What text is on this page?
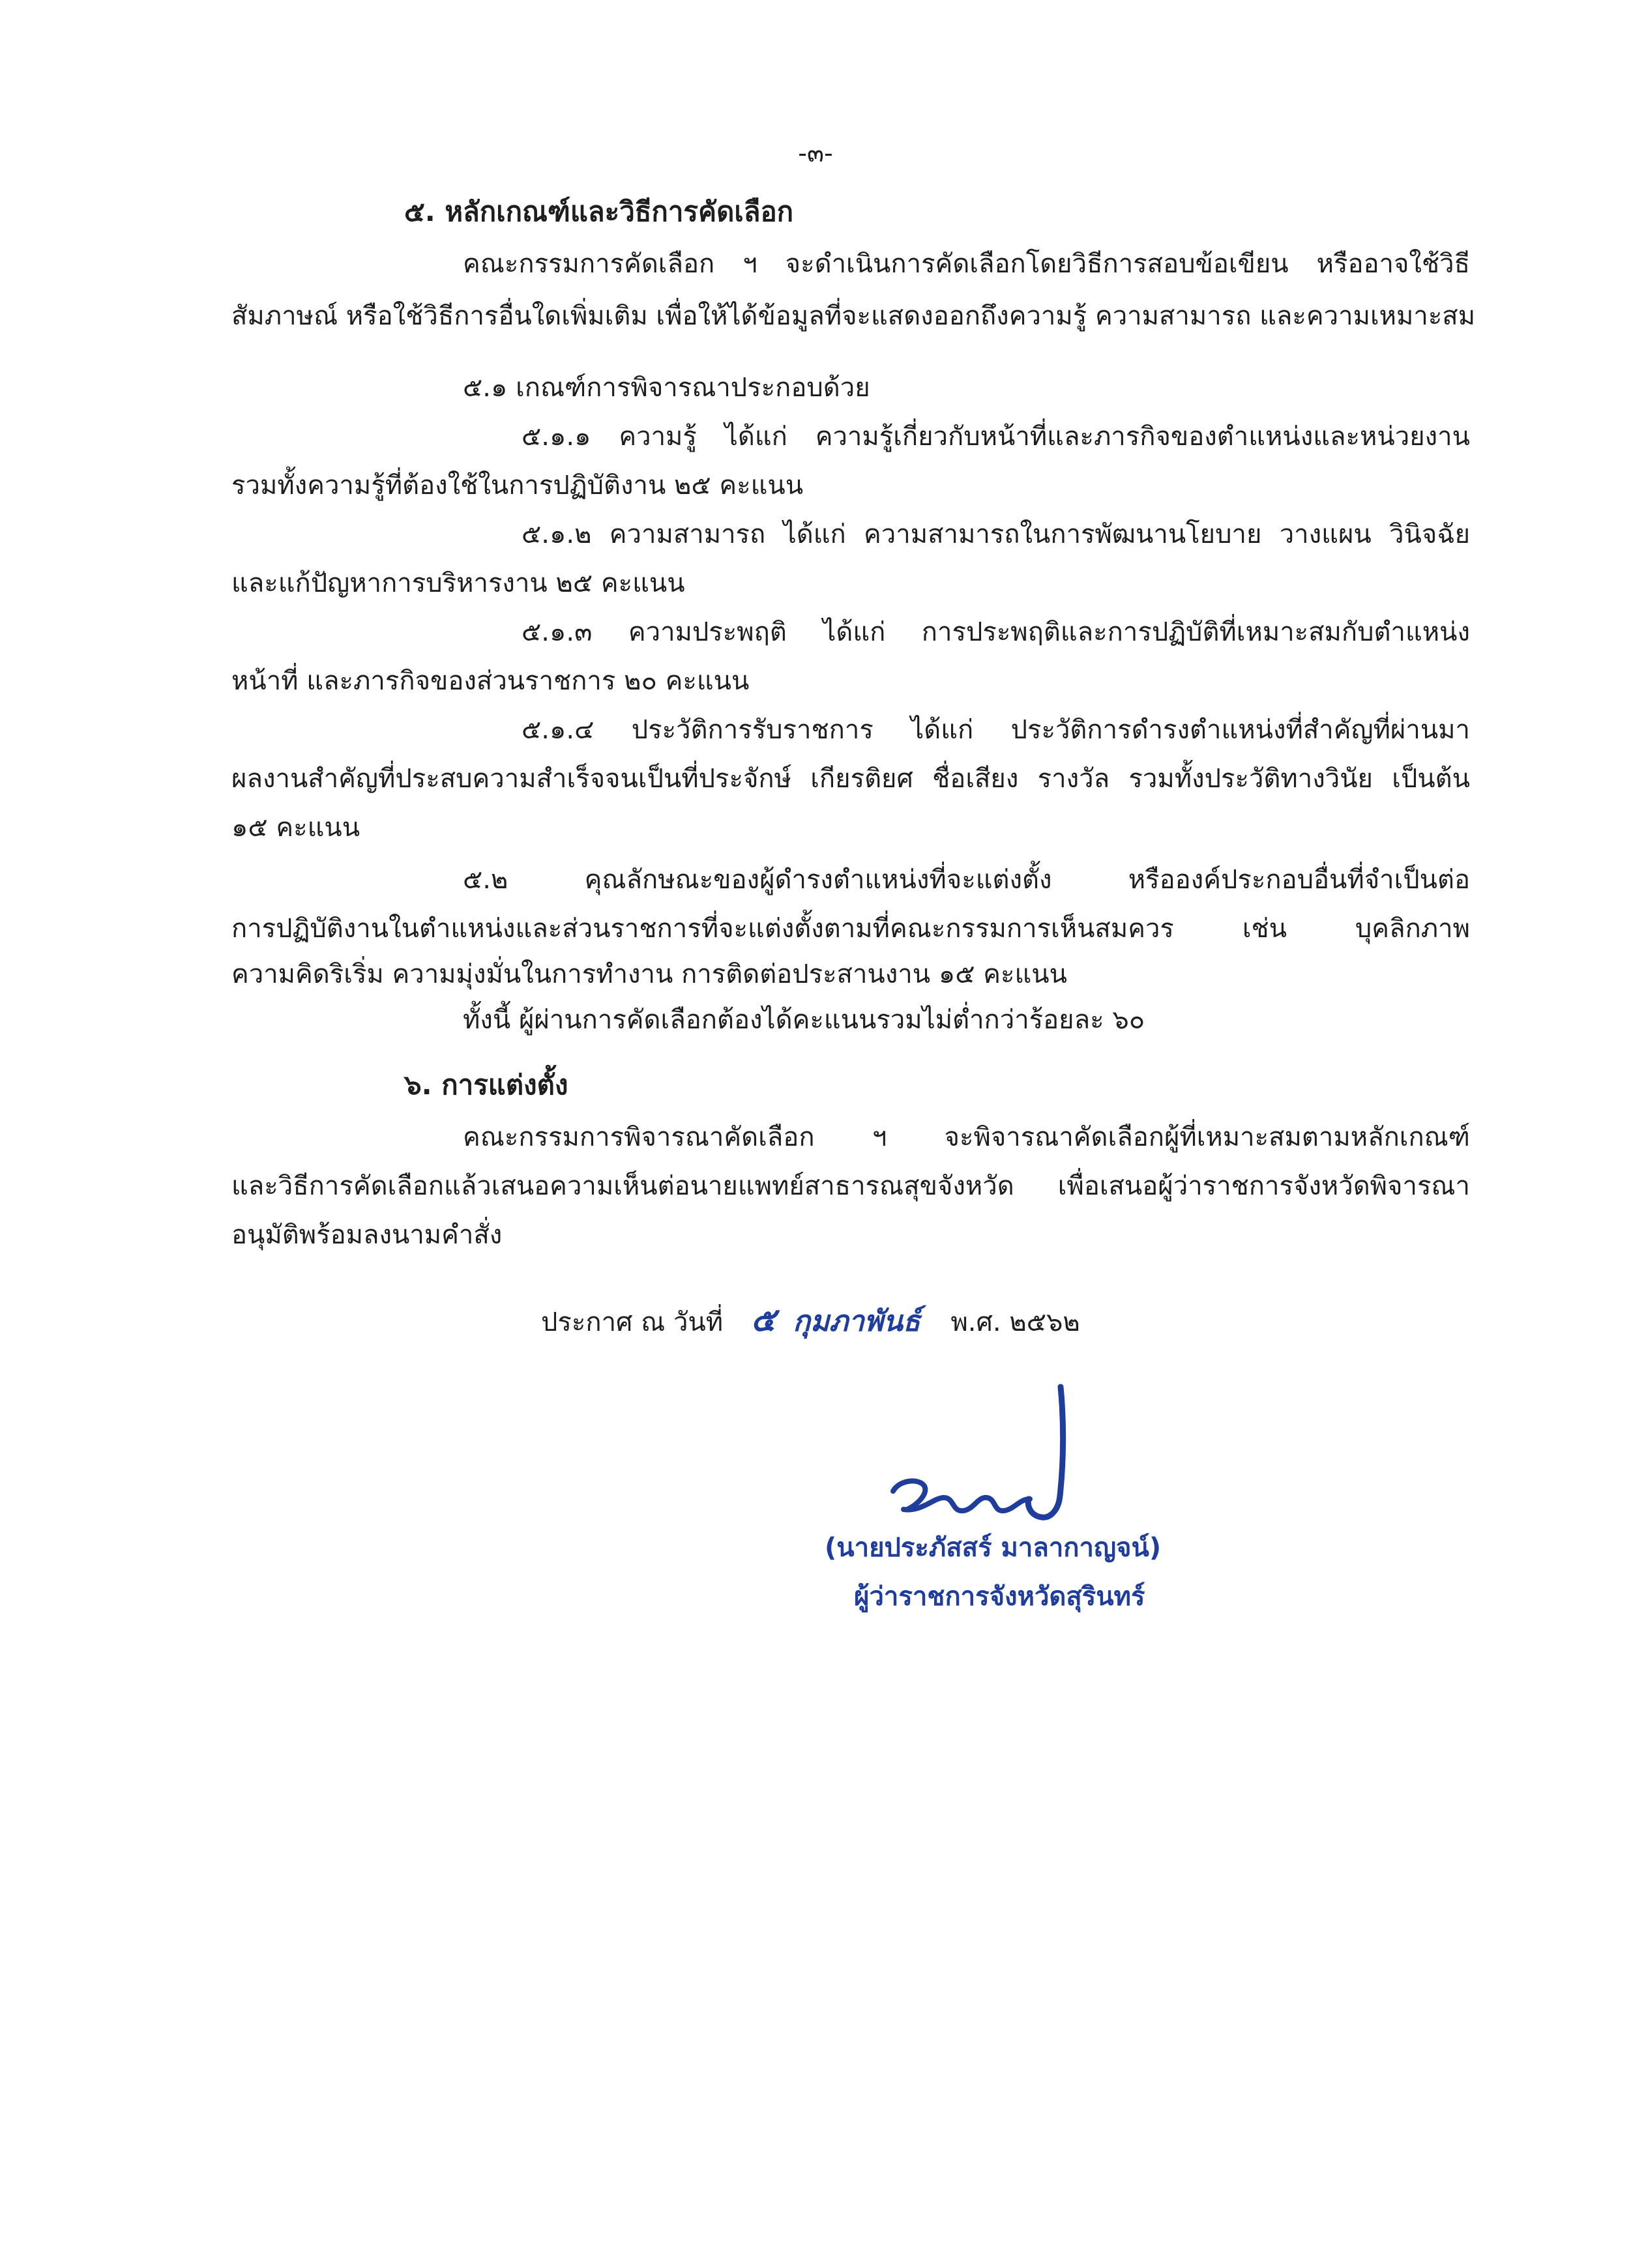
-๓-
๕. หลักเกณฑ์และวิธีการคัดเลือก
คณะกรรมการคัดเลือก ฯ จะดำเนินการคัดเลือกโดยวิธีการสอบข้อเขียน หรืออาจใช้วิธี
สัมภาษณ์ หรือใช้วิธีการอื่นใดเพิ่มเติม เพื่อให้ได้ข้อมูลที่จะแสดงออกถึงความรู้ ความสามารถ และความเหมาะสม
๕.๑ เกณฑ์การพิจารณาประกอบด้วย
๕.๑.๑ ความรู้ ได้แก่ ความรู้เกี่ยวกับหน้าที่และภารกิจของตำแหน่งและหน่วยงาน
รวมทั้งความรู้ที่ต้องใช้ในการปฏิบัติงาน ๒๕ คะแนน
๕.๑.๒ ความสามารถ ได้แก่ ความสามารถในการพัฒนานโยบาย วางแผน วินิจฉัย
และแก้ปัญหาการบริหารงาน ๒๕ คะแนน
๕.๑.๓ ความประพฤติ ได้แก่ การประพฤติและการปฏิบัติที่เหมาะสมกับตำแหน่ง
หน้าที่ และภารกิจของส่วนราชการ ๒๐ คะแนน
๕.๑.๔ ประวัติการรับราชการ ได้แก่ ประวัติการดำรงตำแหน่งที่สำคัญที่ผ่านมา
ผลงานสำคัญที่ประสบความสำเร็จจนเป็นที่ประจักษ์ เกียรติยศ ชื่อเสียง รางวัล รวมทั้งประวัติทางวินัย เป็นต้น
๑๕ คะแนน
๕.๒ คุณลักษณะของผู้ดำรงตำแหน่งที่จะแต่งตั้ง หรือองค์ประกอบอื่นที่จำเป็นต่อ
การปฏิบัติงานในตำแหน่งและส่วนราชการที่จะแต่งตั้งตามที่คณะกรรมการเห็นสมควร เช่น บุคลิกภาพ
ความคิดริเริ่ม ความมุ่งมั่นในการทำงาน การติดต่อประสานงาน ๑๕ คะแนน
ทั้งนี้ ผู้ผ่านการคัดเลือกต้องได้คะแนนรวมไม่ต่ำกว่าร้อยละ ๖๐
๖. การแต่งตั้ง
คณะกรรมการพิจารณาคัดเลือก ฯ จะพิจารณาคัดเลือกผู้ที่เหมาะสมตามหลักเกณฑ์
และวิธีการคัดเลือกแล้วเสนอความเห็นต่อนายแพทย์สาธารณสุขจังหวัด เพื่อเสนอผู้ว่าราชการจังหวัดพิจารณา
อนุมัติพร้อมลงนามคำสั่ง
ประกาศ ณ วันที่ ๕ กุมภาพันธ์ พ.ศ. ๒๕๖๒
(นายประภัสสร์ มาลากาญจน์)
ผู้ว่าราชการจังหวัดสุรินทร์
